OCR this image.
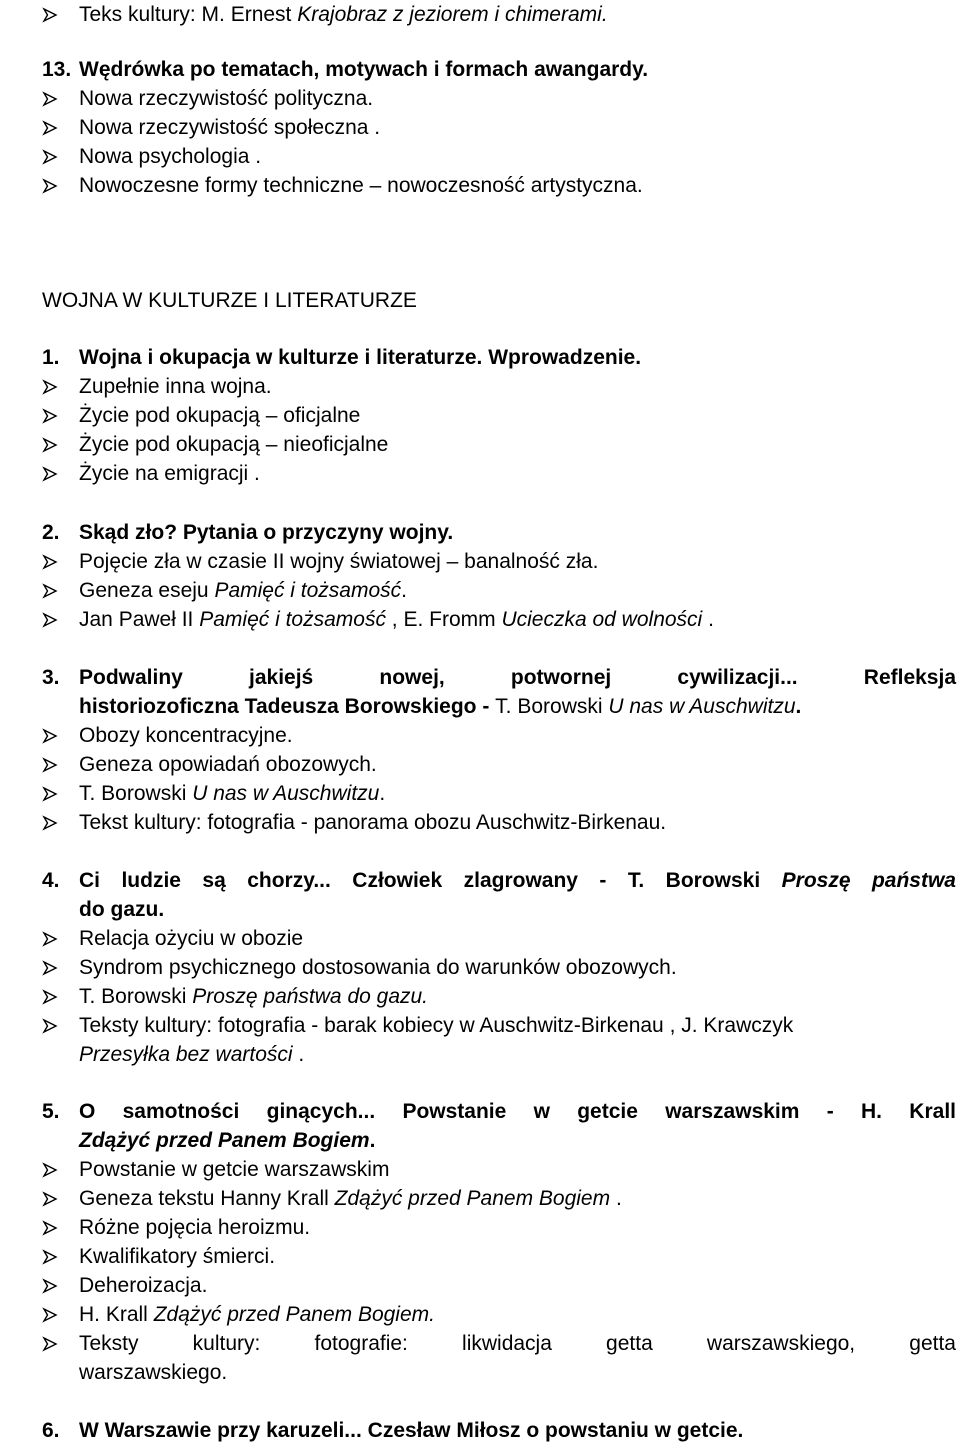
Teks kultury: M. Ernest Krajobraz z jeziorem i chimerami.
13. Wędrówka po tematach, motywach i formach awangardy.
Nowa rzeczywistość polityczna.
Nowa rzeczywistość społeczna .
Nowa psychologia .
Nowoczesne formy techniczne – nowoczesność artystyczna.
WOJNA W KULTURZE I LITERATURZE
1. Wojna i okupacja w kulturze i literaturze. Wprowadzenie.
Zupełnie inna wojna.
Życie pod okupacją – oficjalne
Życie pod okupacją – nieoficjalne
Życie na emigracji .
2. Skąd zło? Pytania o przyczyny wojny.
Pojęcie zła w czasie II wojny światowej – banalność zła.
Geneza eseju Pamięć i tożsamość.
Jan Paweł II Pamięć i tożsamość , E. Fromm Ucieczka od wolności .
3. Podwaliny jakiejś nowej, potwornej cywilizacji... Refleksja
historiozoficzna Tadeusza Borowskiego - T. Borowski U nas w Auschwitzu.
Obozy koncentracyjne.
Geneza opowiadań obozowych.
T. Borowski U nas w Auschwitzu.
Tekst kultury: fotografia - panorama obozu Auschwitz-Birkenau.
4. Ci ludzie są chorzy... Człowiek zlagrowany - T. Borowski Proszę państwa
do gazu.
Relacja ożyciu w obozie
Syndrom psychicznego dostosowania do warunków obozowych.
T. Borowski Proszę państwa do gazu.
Teksty kultury: fotografia - barak kobiecy w Auschwitz-Birkenau , J. Krawczyk
Przesyłka bez wartości .
5. O samotności ginących... Powstanie w getcie warszawskim - H. Krall
Zdążyć przed Panem Bogiem.
Powstanie w getcie warszawskim
Geneza tekstu Hanny Krall Zdążyć przed Panem Bogiem .
Różne pojęcia heroizmu.
Kwalifikatory śmierci.
Deheroizacja.
H. Krall Zdążyć przed Panem Bogiem.
Teksty kultury: fotografie: likwidacja getta warszawskiego, getta
warszawskiego.
6. W Warszawie przy karuzeli... Czesław Miłosz o powstaniu w getcie.
